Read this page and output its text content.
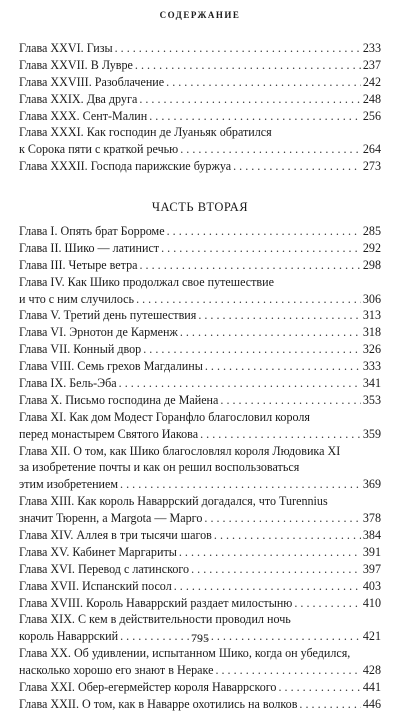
СОДЕРЖАНИЕ
Глава XXVI. Гизы . . .	233
Глава XXVII. В Лувре . . .	237
Глава XXVIII. Разоблачение . . .	242
Глава XXIX. Два друга . . .	248
Глава XXX. Сент-Малин . . .	256
Глава XXXI. Как господин де Луаньяк обратился
к Сорока пяти с краткой речью . . .	264
Глава XXXII. Господа парижские буржуа . . .	273
ЧАСТЬ ВТОРАЯ
Глава I. Опять брат Борроме . . .	285
Глава II. Шико — латинист . . .	292
Глава III. Четыре ветра . . .	298
Глава IV. Как Шико продолжал свое путешествие
и что с ним случилось . . .	306
Глава V. Третий день путешествия . . .	313
Глава VI. Эрнотон де Карменж . . .	318
Глава VII. Конный двор . . .	326
Глава VIII. Семь грехов Магдалины . . .	333
Глава IX. Бель-Эба . . .	341
Глава X. Письмо господина де Майена . . .	353
Глава XI. Как дом Модест Горанфло благословил короля
перед монастырем Святого Иакова . . .	359
Глава XII. О том, как Шико благословлял короля Людовика XI
за изобретение почты и как он решил воспользоваться
этим изобретением . . .	369
Глава XIII. Как король Наваррский догадался, что Turennius
значит Тюренн, а Margota — Марго . . .	378
Глава XIV. Аллея в три тысячи шагов . . .	384
Глава XV. Кабинет Маргариты . . .	391
Глава XVI. Перевод с латинского . . .	397
Глава XVII. Испанский посол . . .	403
Глава XVIII. Король Наваррский раздает милостыню . . .	410
Глава XIX. С кем в действительности проводил ночь
король Наваррский . . .	421
Глава XX. Об удивлении, испытанном Шико, когда он убедился,
насколько хорошо его знают в Нераке . . .	428
Глава XXI. Обер-егермейстер короля Наваррского . . .	441
Глава XXII. О том, как в Наварре охотились на волков . . .	446
795
